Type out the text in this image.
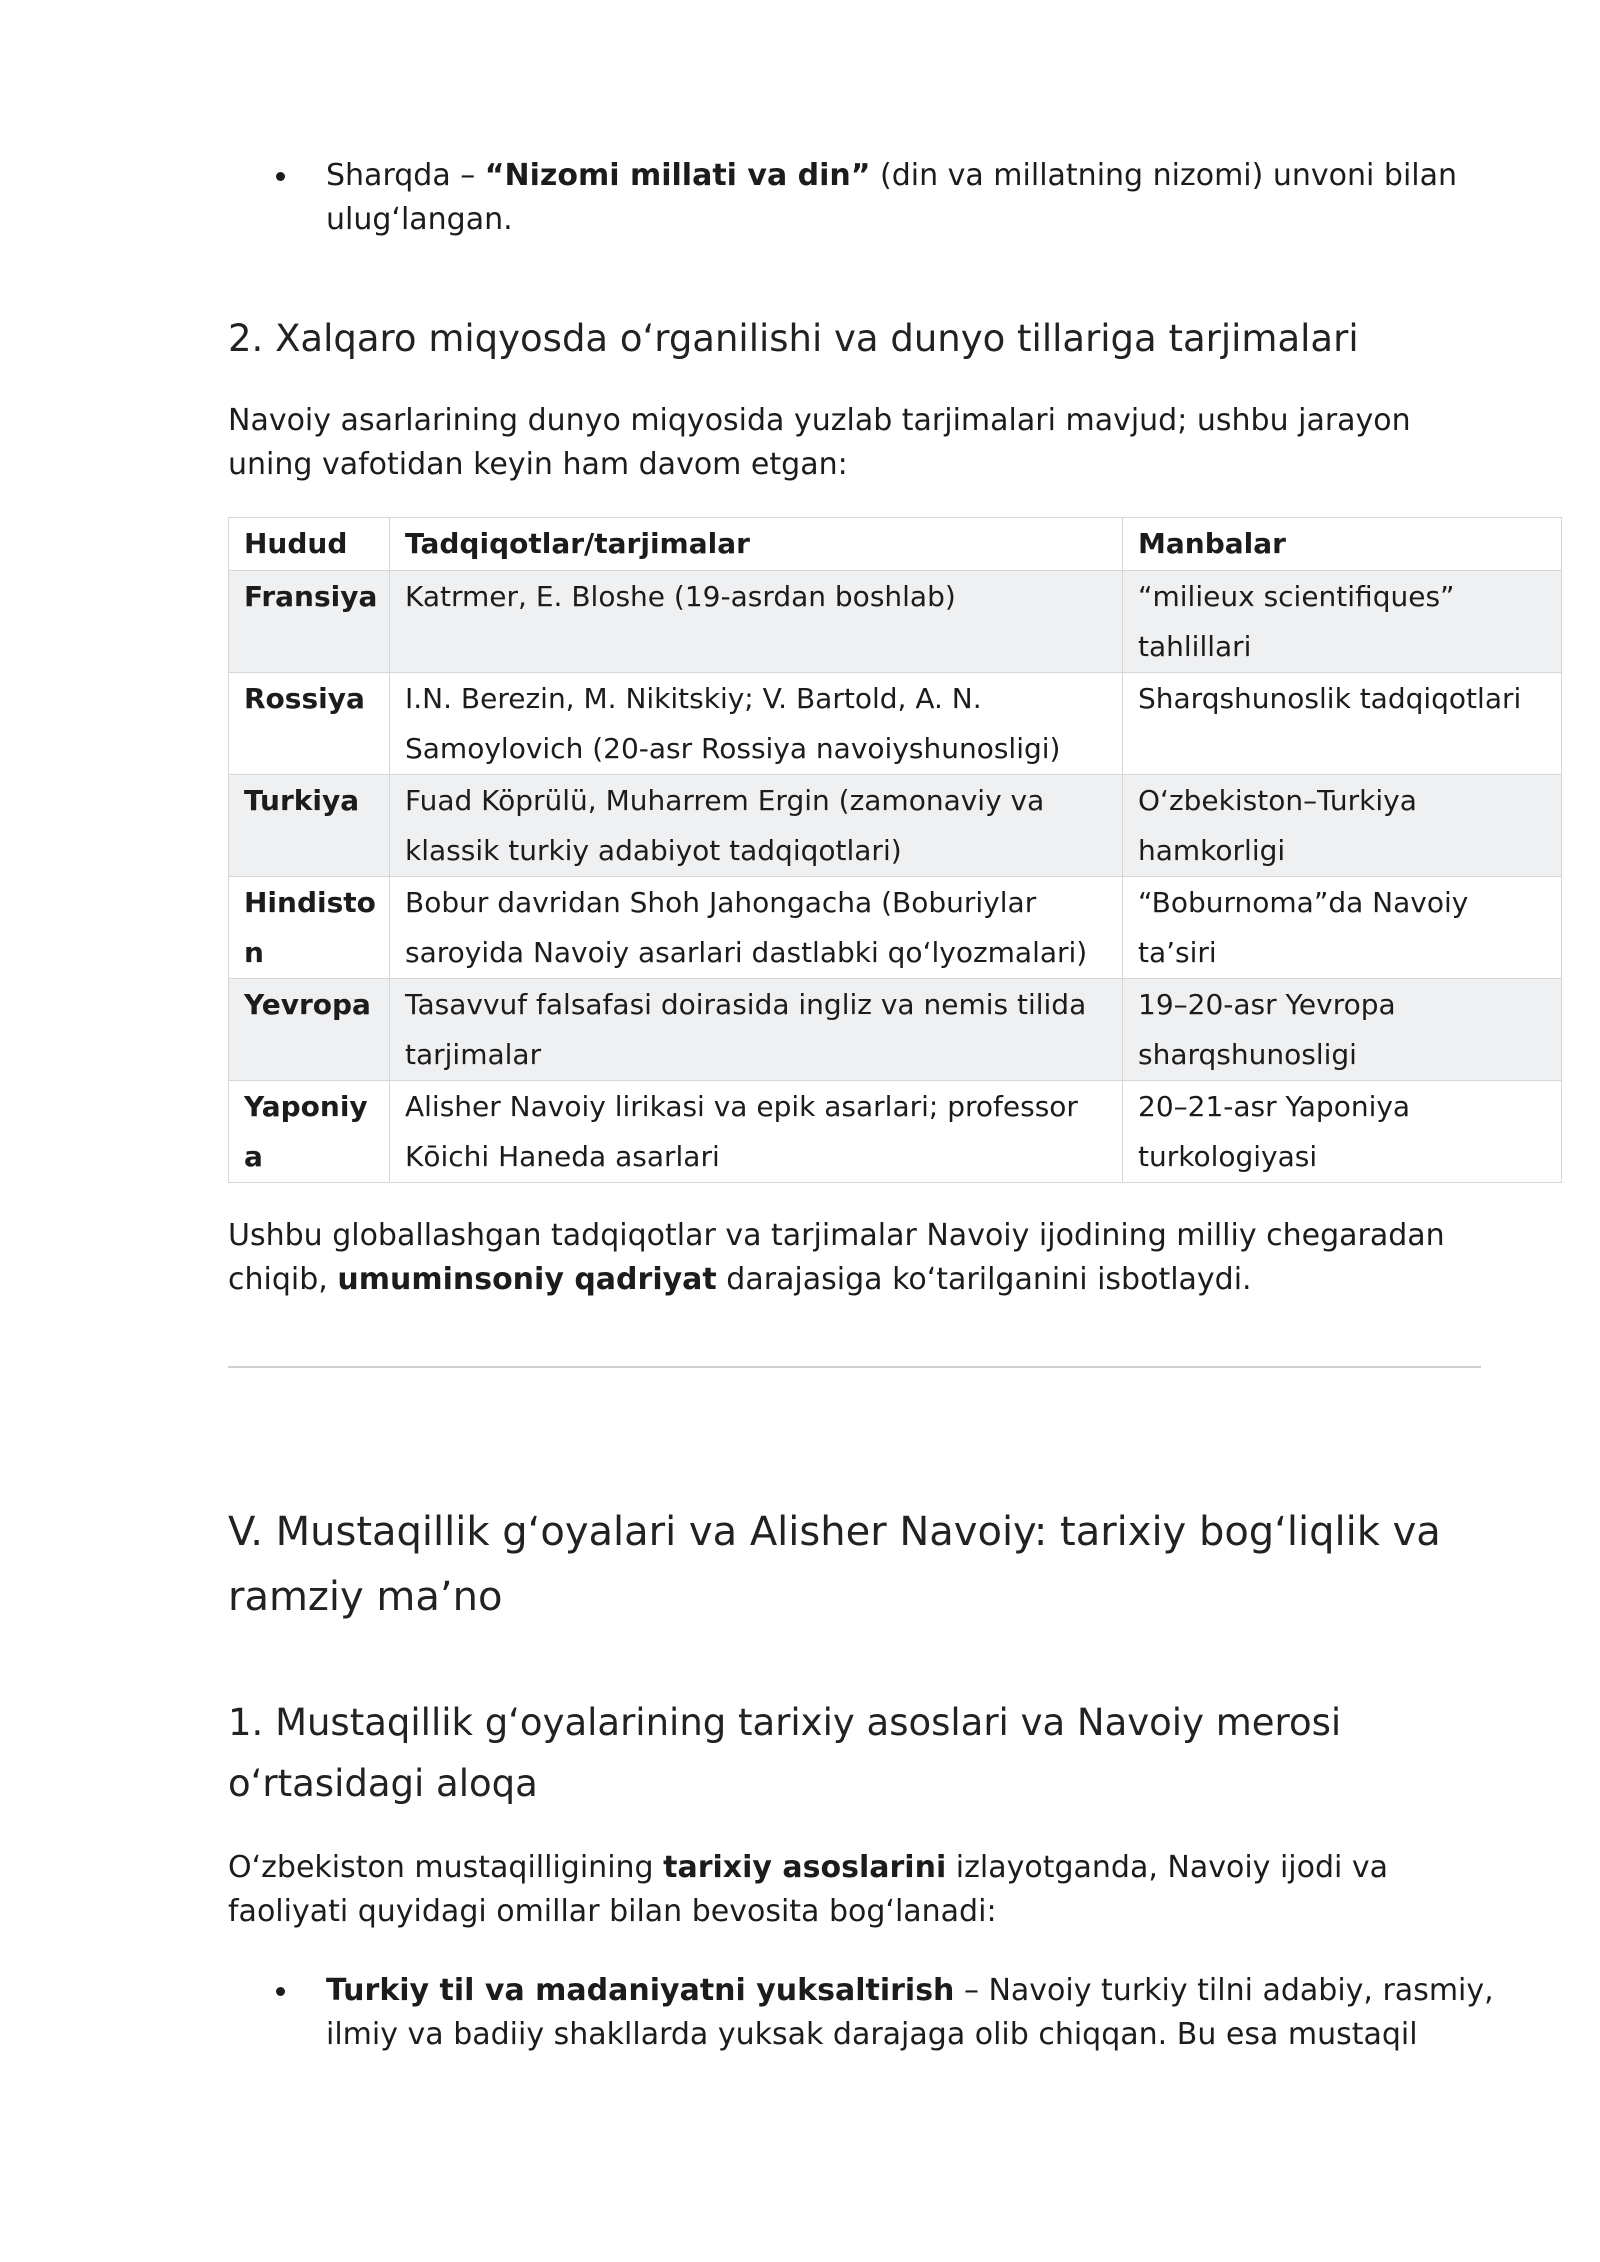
Sharqda – “Nizomi millati va din” (din va millatning nizomi) unvoni bilan ulug‘langan.
2. Xalqaro miqyosda o‘rganilishi va dunyo tillariga tarjimalari

Navoiy asarlarining dunyo miqyosida yuzlab tarjimalari mavjud; ushbu jarayon uning vafotidan keyin ham davom etgan:

Hudud	Tadqiqotlar/tarjimalar	Manbalar
Fransiya	Katrmer, E. Bloshe (19-asrdan boshlab)	“milieux scientifiques” tahlillari
Rossiya	I.N. Berezin, M. Nikitskiy; V. Bartold, A. N. Samoylovich (20-asr Rossiya navoiyshunosligi)	Sharqshunoslik tadqiqotlari
Turkiya	Fuad Köprülü, Muharrem Ergin (zamonaviy va klassik turkiy adabiyot tadqiqotlari)	O‘zbekiston–Turkiya hamkorligi
Hindiston	Bobur davridan Shoh Jahongacha (Boburiylar saroyida Navoiy asarlari dastlabki qo‘lyozmalari)	“Boburnoma”da Navoiy ta’siri
Yevropa	Tasavvuf falsafasi doirasida ingliz va nemis tilida tarjimalar	19–20-asr Yevropa sharqshunosligi
Yaponiya	Alisher Navoiy lirikasi va epik asarlari; professor Kōichi Haneda asarlari	20–21-asr Yaponiya turkologiyasi

Ushbu globallashgan tadqiqotlar va tarjimalar Navoiy ijodining milliy chegaradan chiqib, umuminsoniy qadriyat darajasiga ko‘tarilganini isbotlaydi.

V. Mustaqillik g‘oyalari va Alisher Navoiy: tarixiy bog‘liqlik va ramziy ma’no
1. Mustaqillik g‘oyalarining tarixiy asoslari va Navoiy merosi o‘rtasidagi aloqa

O‘zbekiston mustaqilligining tarixiy asoslarini izlayotganda, Navoiy ijodi va faoliyati quyidagi omillar bilan bevosita bog‘lanadi:

Turkiy til va madaniyatni yuksaltirish – Navoiy turkiy tilni adabiy, rasmiy, ilmiy va badiiy shakllarda yuksak darajaga olib chiqqan. Bu esa mustaqil
